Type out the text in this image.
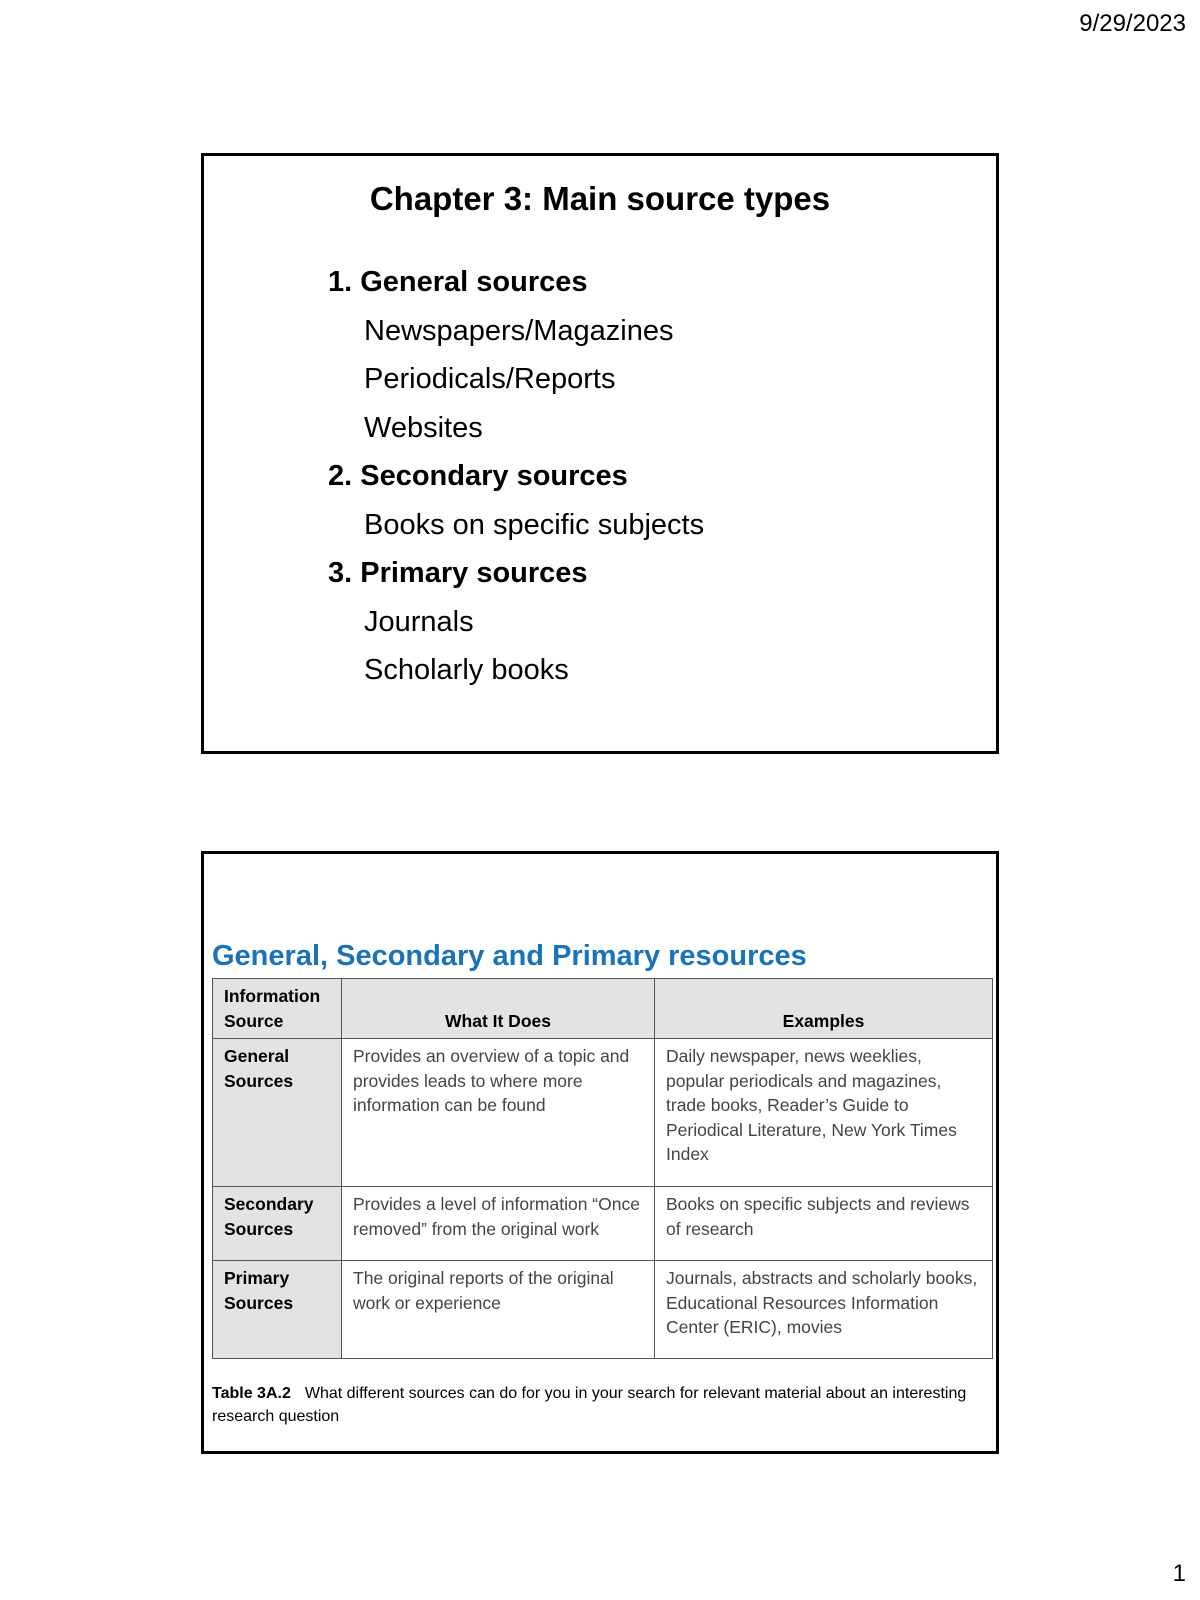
9/29/2023
Chapter 3: Main source types
1. General sources
Newspapers/Magazines
Periodicals/Reports
Websites
2. Secondary sources
Books on specific subjects
3. Primary sources
Journals
Scholarly books
General, Secondary and Primary resources
Information Source	What It Does	Examples
General Sources	Provides an overview of a topic and provides leads to where more information can be found	Daily newspaper, news weeklies, popular periodicals and magazines, trade books, Reader’s Guide to Periodical Literature, New York Times Index
Secondary Sources	Provides a level of information “Once removed” from the original work	Books on specific subjects and reviews of research
Primary Sources	The original reports of the original work or experience	Journals, abstracts and scholarly books, Educational Resources Information Center (ERIC), movies
Table 3A.2 What different sources can do for you in your search for relevant material about an interesting research question
1
